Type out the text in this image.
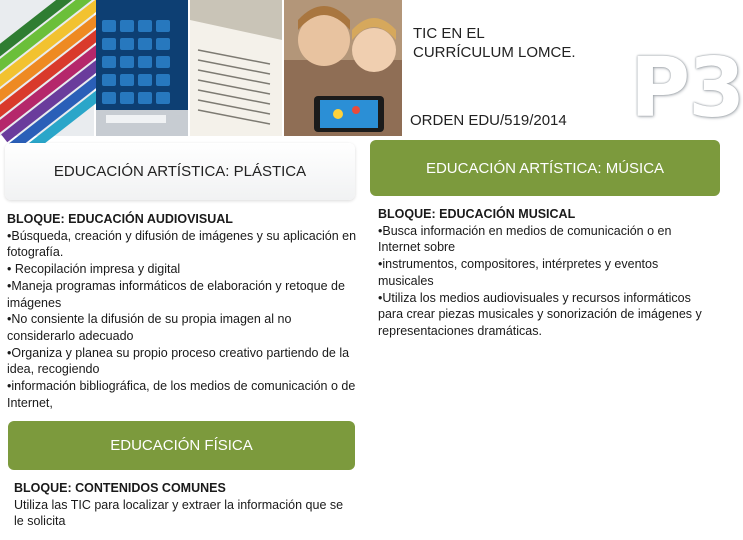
TIC EN EL
CURRÍCULUM LOMCE.
ORDEN EDU/519/2014 P3
EDUCACIÓN ARTÍSTICA: PLÁSTICA
BLOQUE: EDUCACIÓN AUDIOVISUAL
•Búsqueda, creación y difusión de imágenes y su aplicación en fotografía.
• Recopilación impresa y digital
•Maneja programas informáticos de elaboración y retoque de imágenes
•No consiente la difusión de su propia imagen al no considerarlo adecuado
•Organiza y planea su propio proceso creativo partiendo de la idea, recogiendo
•información bibliográfica, de los medios de comunicación o de Internet,
EDUCACIÓN ARTÍSTICA: MÚSICA
BLOQUE: EDUCACIÓN MUSICAL
•Busca información en medios de comunicación o en Internet sobre
•instrumentos, compositores, intérpretes y eventos musicales
•Utiliza los medios audiovisuales y recursos informáticos para crear piezas musicales y sonorización de imágenes y representaciones dramáticas.
EDUCACIÓN FÍSICA
BLOQUE: CONTENIDOS COMUNES
Utiliza las TIC para localizar y extraer la información que se le solicita
